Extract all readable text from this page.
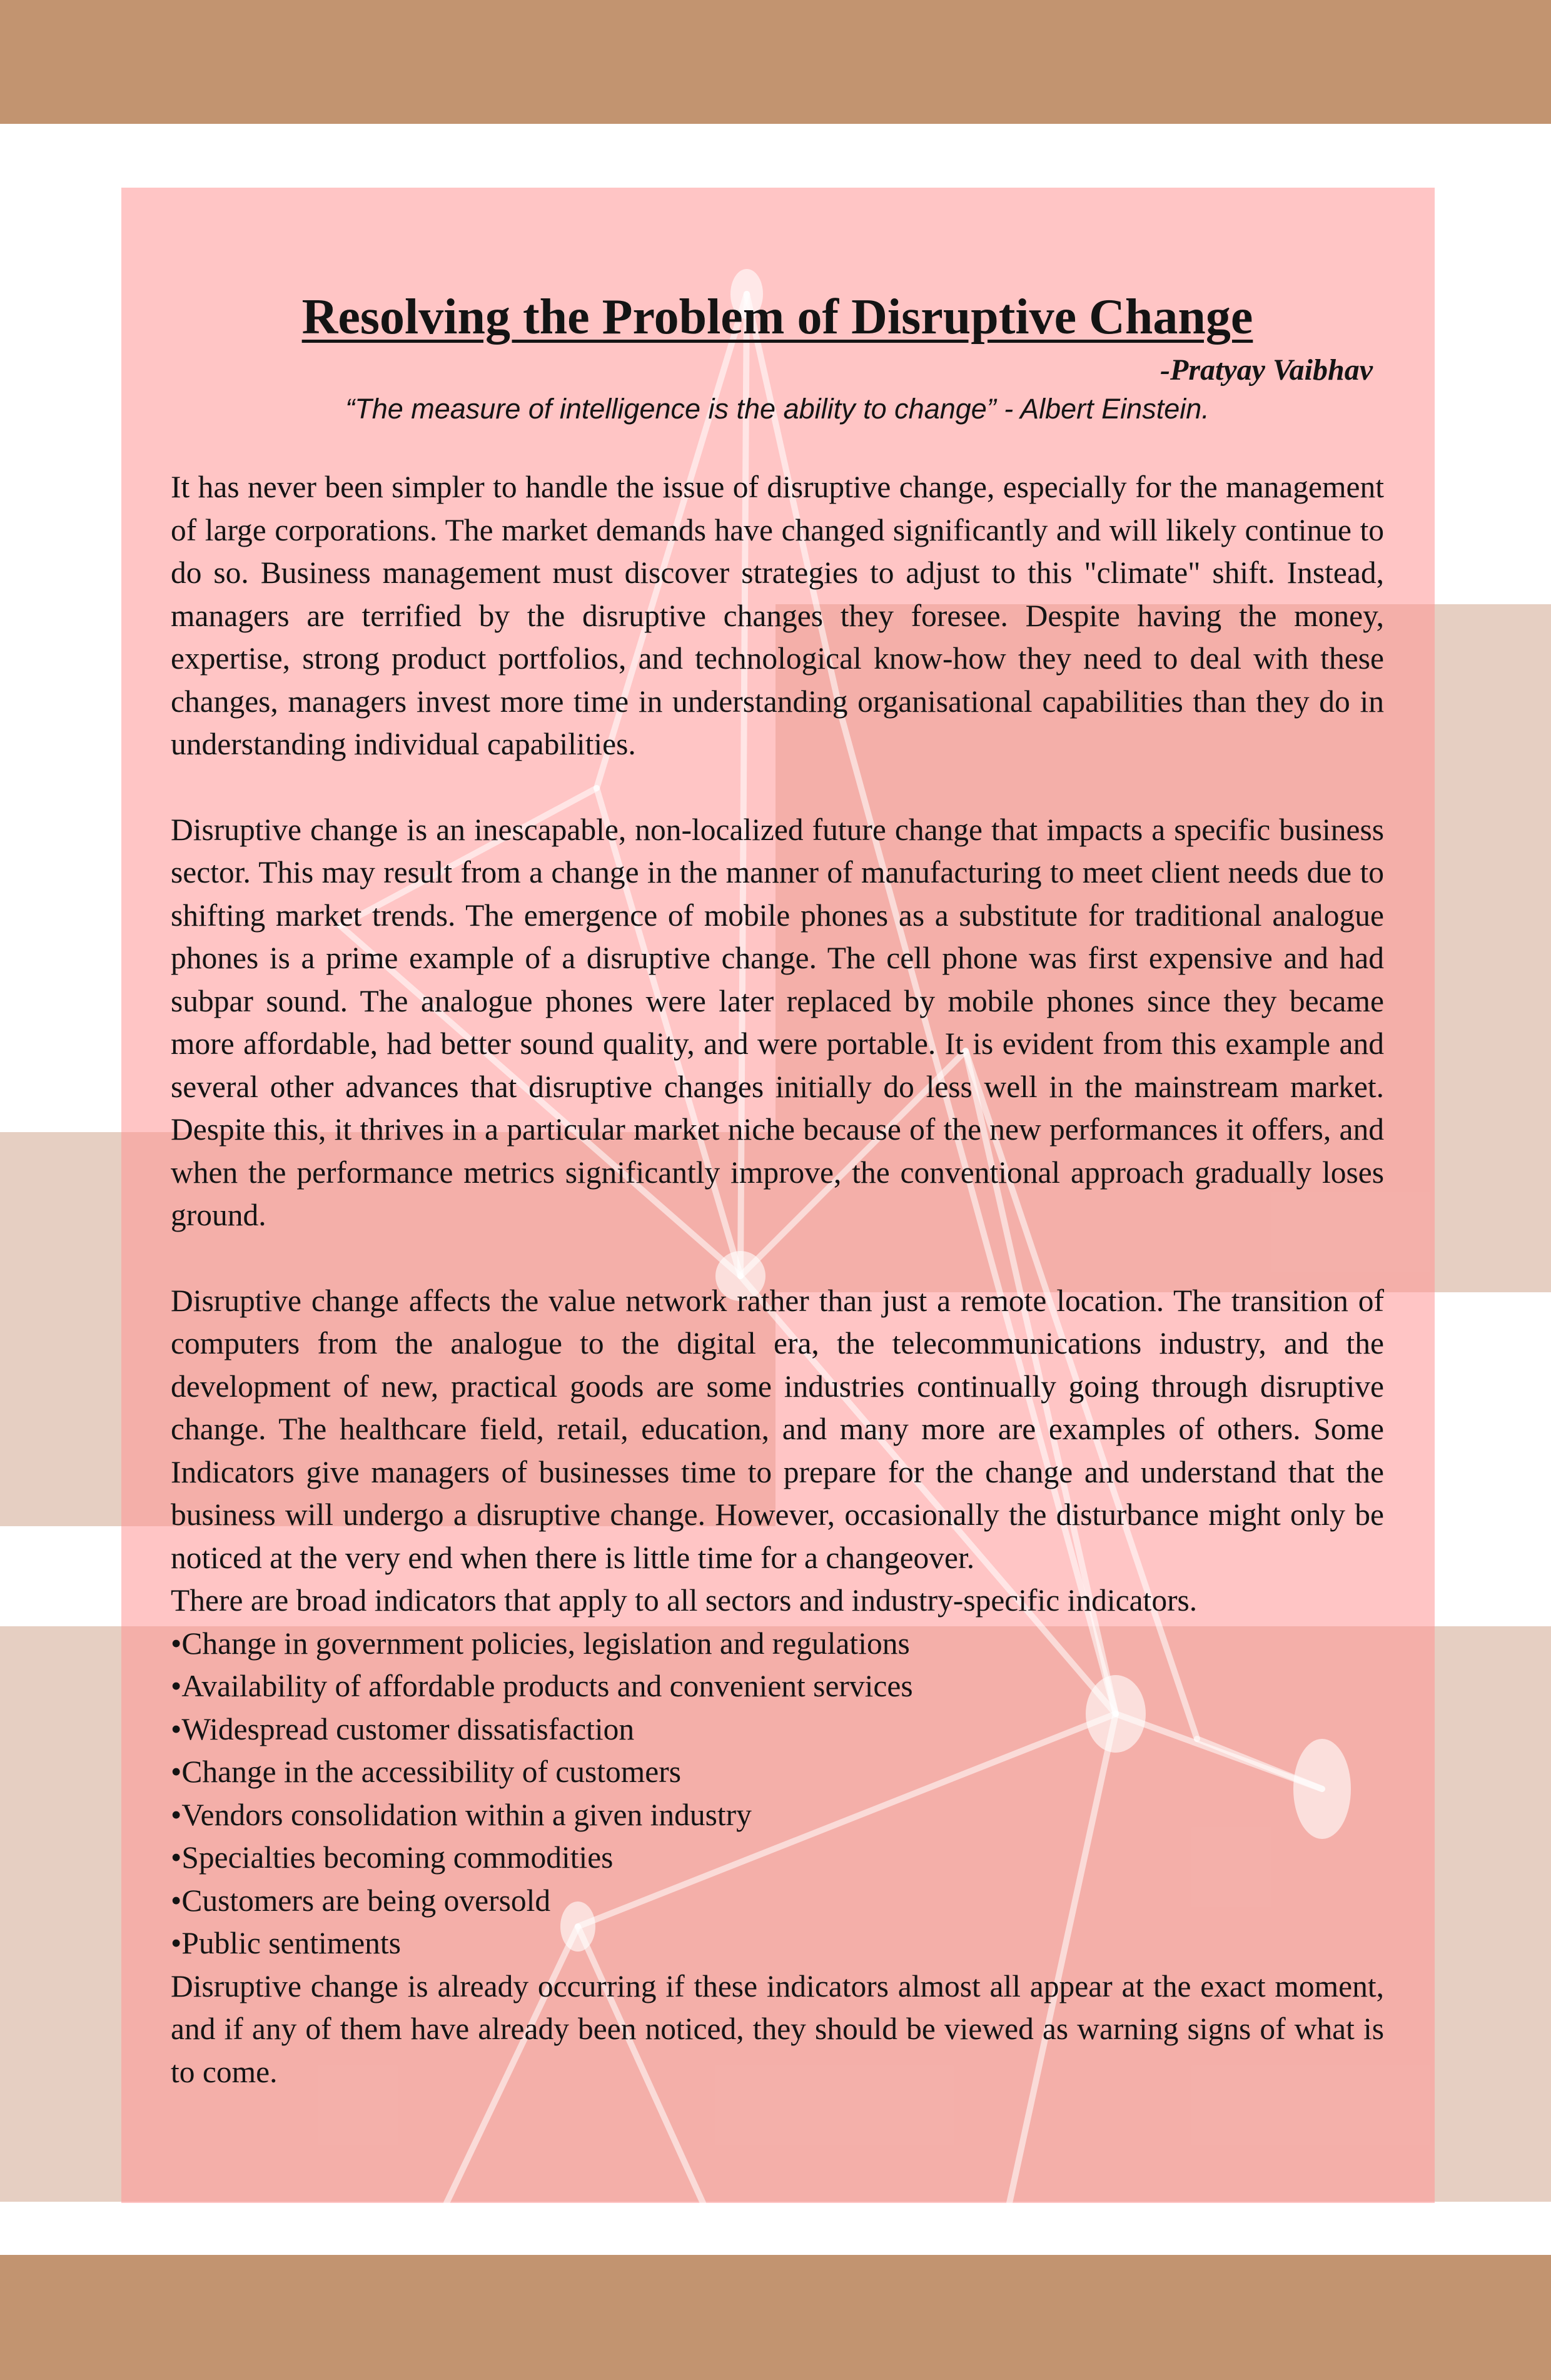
Resolving the Problem of Disruptive Change

-Pratyay Vaibhav

“The measure of intelligence is the ability to change” - Albert Einstein.

It has never been simpler to handle the issue of disruptive change, especially for the management of large corporations. The market demands have changed significantly and will likely continue to do so. Business management must discover strategies to adjust to this "climate" shift. Instead, managers are terrified by the disruptive changes they foresee. Despite having the money, expertise, strong product portfolios, and technological know-how they need to deal with these changes, managers invest more time in understanding organisational capabilities than they do in understanding individual capabilities.

Disruptive change is an inescapable, non-localized future change that impacts a specific business sector. This may result from a change in the manner of manufacturing to meet client needs due to shifting market trends. The emergence of mobile phones as a substitute for traditional analogue phones is a prime example of a disruptive change. The cell phone was first expensive and had subpar sound. The analogue phones were later replaced by mobile phones since they became more affordable, had better sound quality, and were portable. It is evident from this example and several other advances that disruptive changes initially do less well in the mainstream market. Despite this, it thrives in a particular market niche because of the new performances it offers, and when the performance metrics significantly improve, the conventional approach gradually loses ground.

Disruptive change affects the value network rather than just a remote location. The transition of computers from the analogue to the digital era, the telecommunications industry, and the development of new, practical goods are some industries continually going through disruptive change. The healthcare field, retail, education, and many more are examples of others. Some Indicators give managers of businesses time to prepare for the change and understand that the business will undergo a disruptive change. However, occasionally the disturbance might only be noticed at the very end when there is little time for a changeover.

There are broad indicators that apply to all sectors and industry-specific indicators.

• Change in government policies, legislation and regulations
• Availability of affordable products and convenient services
• Widespread customer dissatisfaction
• Change in the accessibility of customers
• Vendors consolidation within a given industry
• Specialties becoming commodities
• Customers are being oversold
• Public sentiments

Disruptive change is already occurring if these indicators almost all appear at the exact moment, and if any of them have already been noticed, they should be viewed as warning signs of what is to come.
